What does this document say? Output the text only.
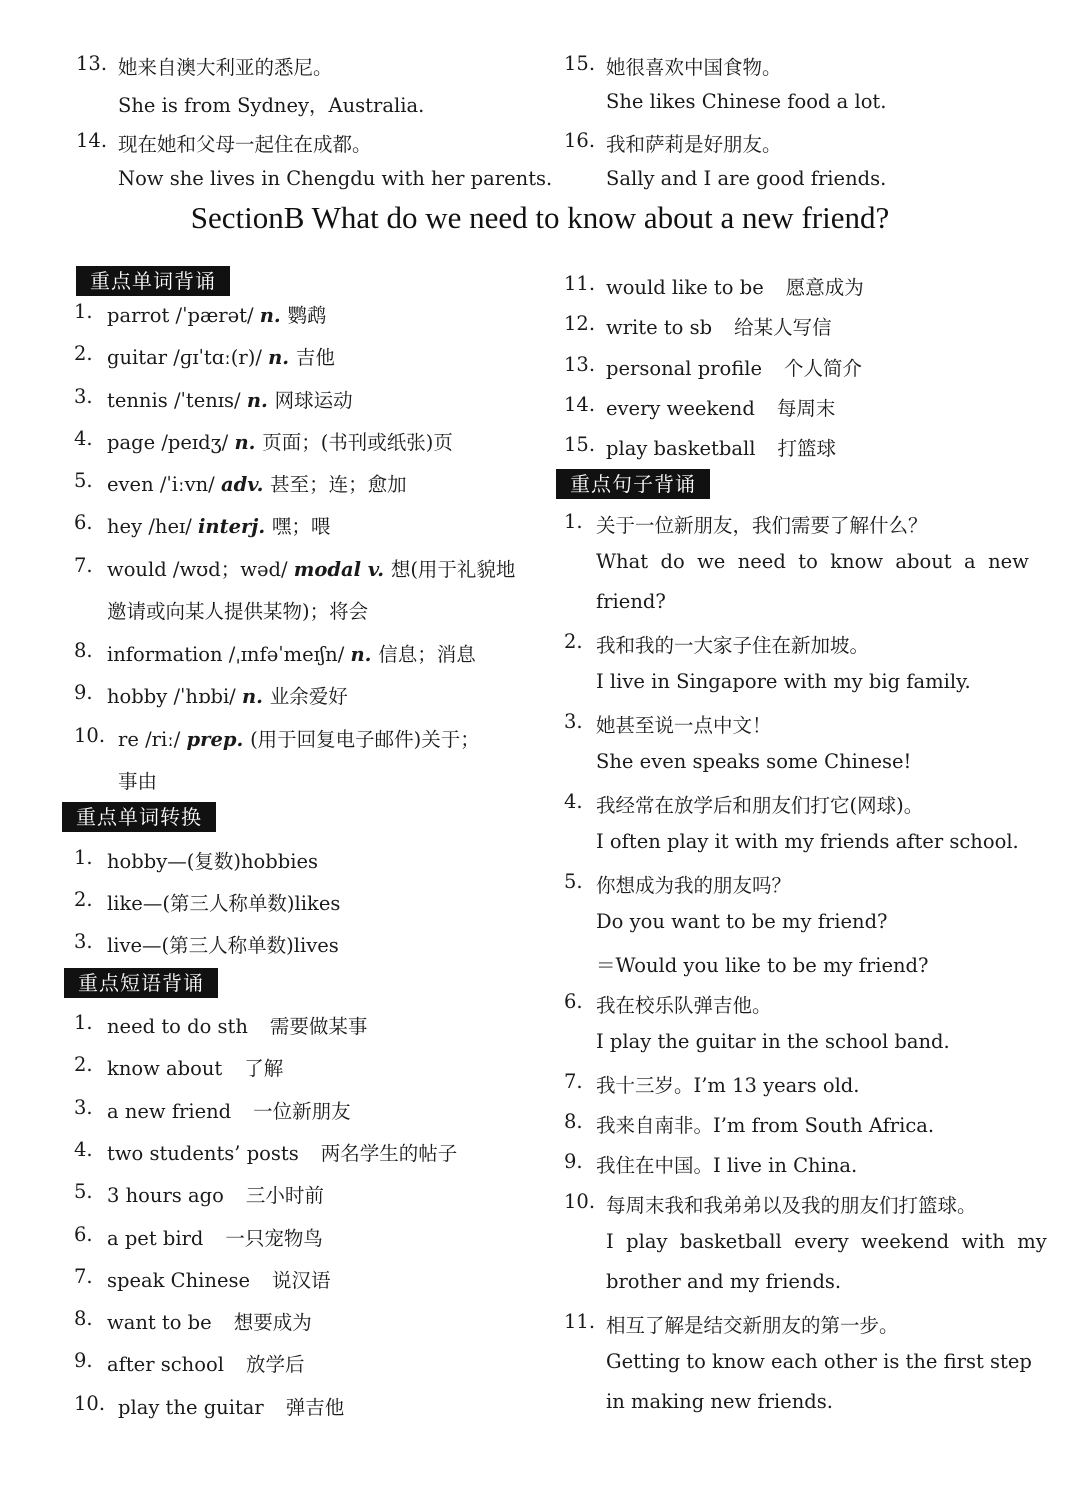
13. 她来自澳大利亚的悉尼。
She is from Sydney，Australia.
14. 现在她和父母一起住在成都。
Now she lives in Chengdu with her parents.
15. 她很喜欢中国食物。
She likes Chinese food a lot.
16. 我和萨莉是好朋友。
Sally and I are good friends.
SectionB What do we need to know about a new friend?
重点单词背诵
1. parrot /ˈpærət/ n. 鹦鹉
2. guitar /ɡɪˈtɑː(r)/ n. 吉他
3. tennis /ˈtenɪs/ n. 网球运动
4. page /peɪdʒ/ n. 页面；(书刊或纸张)页
5. even /ˈiːvn/ adv. 甚至；连；愈加
6. hey /heɪ/ interj. 嘿；喂
7. would /wʊd；wəd/ modal v. 想(用于礼貌地
邀请或向某人提供某物)；将会
8. information /ˌɪnfəˈmeɪʃn/ n. 信息；消息
9. hobby /ˈhɒbi/ n. 业余爱好
10. re /riː/ prep. (用于回复电子邮件)关于；
事由
重点单词转换
1. hobby—(复数)hobbies
2. like—(第三人称单数)likes
3. live—(第三人称单数)lives
重点短语背诵
1. need to do sth 需要做某事
2. know about 了解
3. a new friend 一位新朋友
4. two students’ posts 两名学生的帖子
5. 3 hours ago 三小时前
6. a pet bird 一只宠物鸟
7. speak Chinese 说汉语
8. want to be 想要成为
9. after school 放学后
10. play the guitar 弹吉他
11. would like to be 愿意成为
12. write to sb 给某人写信
13. personal profile 个人简介
14. every weekend 每周末
15. play basketball 打篮球
重点句子背诵
1. 关于一位新朋友，我们需要了解什么？
What  do  we  need  to  know  about  a  new
friend?
2. 我和我的一大家子住在新加坡。
I live in Singapore with my big family.
3. 她甚至说一点中文！
She even speaks some Chinese!
4. 我经常在放学后和朋友们打它(网球)。
I often play it with my friends after school.
5. 你想成为我的朋友吗？
Do you want to be my friend?
＝Would you like to be my friend?
6. 我在校乐队弹吉他。
I play the guitar in the school band.
7. 我十三岁。I’m 13 years old.
8. 我来自南非。I’m from South Africa.
9. 我住在中国。I live in China.
10. 每周末我和我弟弟以及我的朋友们打篮球。
I  play  basketball  every  weekend  with  my
brother and my friends.
11. 相互了解是结交新朋友的第一步。
Getting to know each other is the first step
in making new friends.
